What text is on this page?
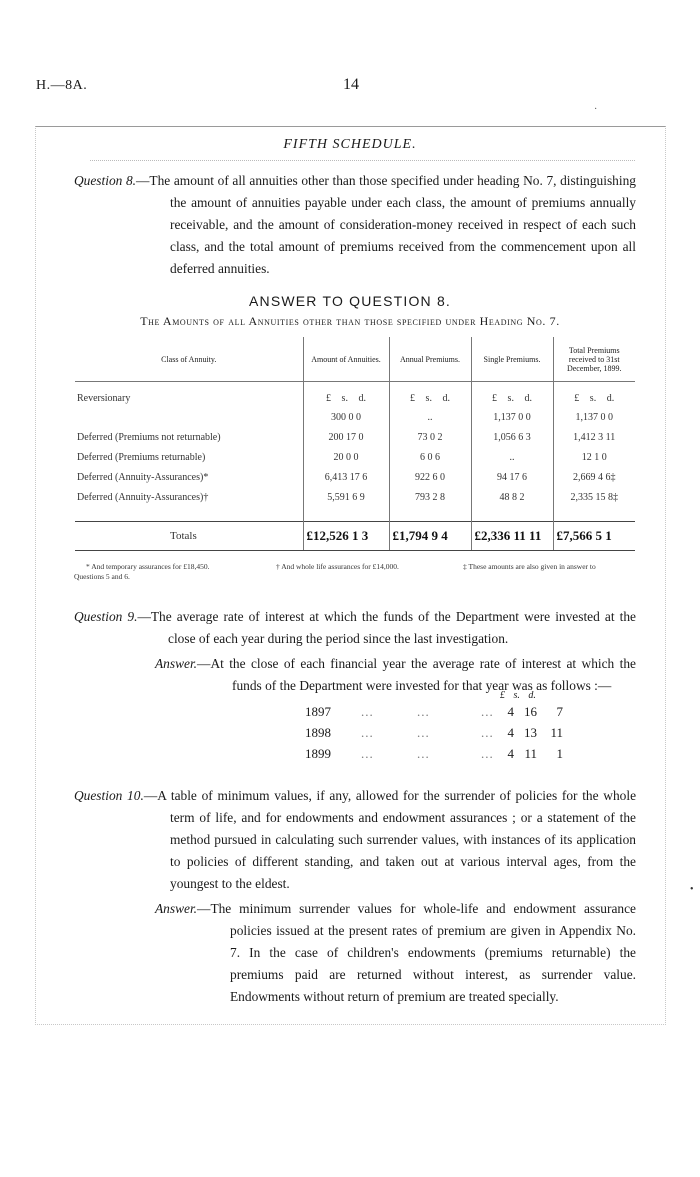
H.—8A.	14
·
FIFTH SCHEDULE.
Question 8.—The amount of all annuities other than those specified under heading No. 7, distinguishing the amount of annuities payable under each class, the amount of premiums annually receivable, and the amount of consideration-money received in respect of each such class, and the total amount of premiums received from the commencement upon all deferred annuities.
ANSWER TO QUESTION 8.
The Amounts of all Annuities other than those specified under Heading No. 7.
Class of Annuity.	Amount of Annuities.	Annual Premiums.	Single Premiums.	Total Premiums received to 31st December, 1899.
Reversionary	£ s. d.	£ s. d.	£ s. d.	£ s. d.
	300 0 0	..	1,137 0 0	1,137 0 0
Deferred (Premiums not returnable)	200 17 0	73 0 2	1,056 6 3	1,412 3 11
Deferred (Premiums returnable)	20 0 0	6 0 6	..	12 1 0
Deferred (Annuity-Assurances)*	6,413 17 6	922 6 0	94 17 6	2,669 4 6‡
Deferred (Annuity-Assurances)†	5,591 6 9	793 2 8	48 8 2	2,335 15 8‡

Totals	£12,526 1 3	£1,794 9 4	£2,336 11 11	£7,566 5 1
* And temporary assurances for £18,450.
Questions 5 and 6.
† And whole life assurances for £14,000.	‡ These amounts are also given in answer to
Question 9.—The average rate of interest at which the funds of the Department were invested at the close of each year during the period since the last investigation.
Answer.—At the close of each financial year the average rate of interest at which the funds of the Department were invested for that year was as follows :—
£ s. d.
1897 ...	...	...	4 16	7
1898 ...	...	...	4 13	11
1899 ...	...	...	4 11	1
Question 10.—A table of minimum values, if any, allowed for the surrender of policies for the whole term of life, and for endowments and endowment assurances ; or a statement of the method pursued in calculating such surrender values, with instances of its application to policies of different standing, and taken out at various interval ages, from the youngest to the eldest.
Answer.—The minimum surrender values for whole-life and endowment assurance policies issued at the present rates of premium are given in Appendix No. 7. In the case of children's endowments (premiums returnable) the premiums paid are returned without interest, as surrender value. Endowments without return of premium are treated specially.
•
